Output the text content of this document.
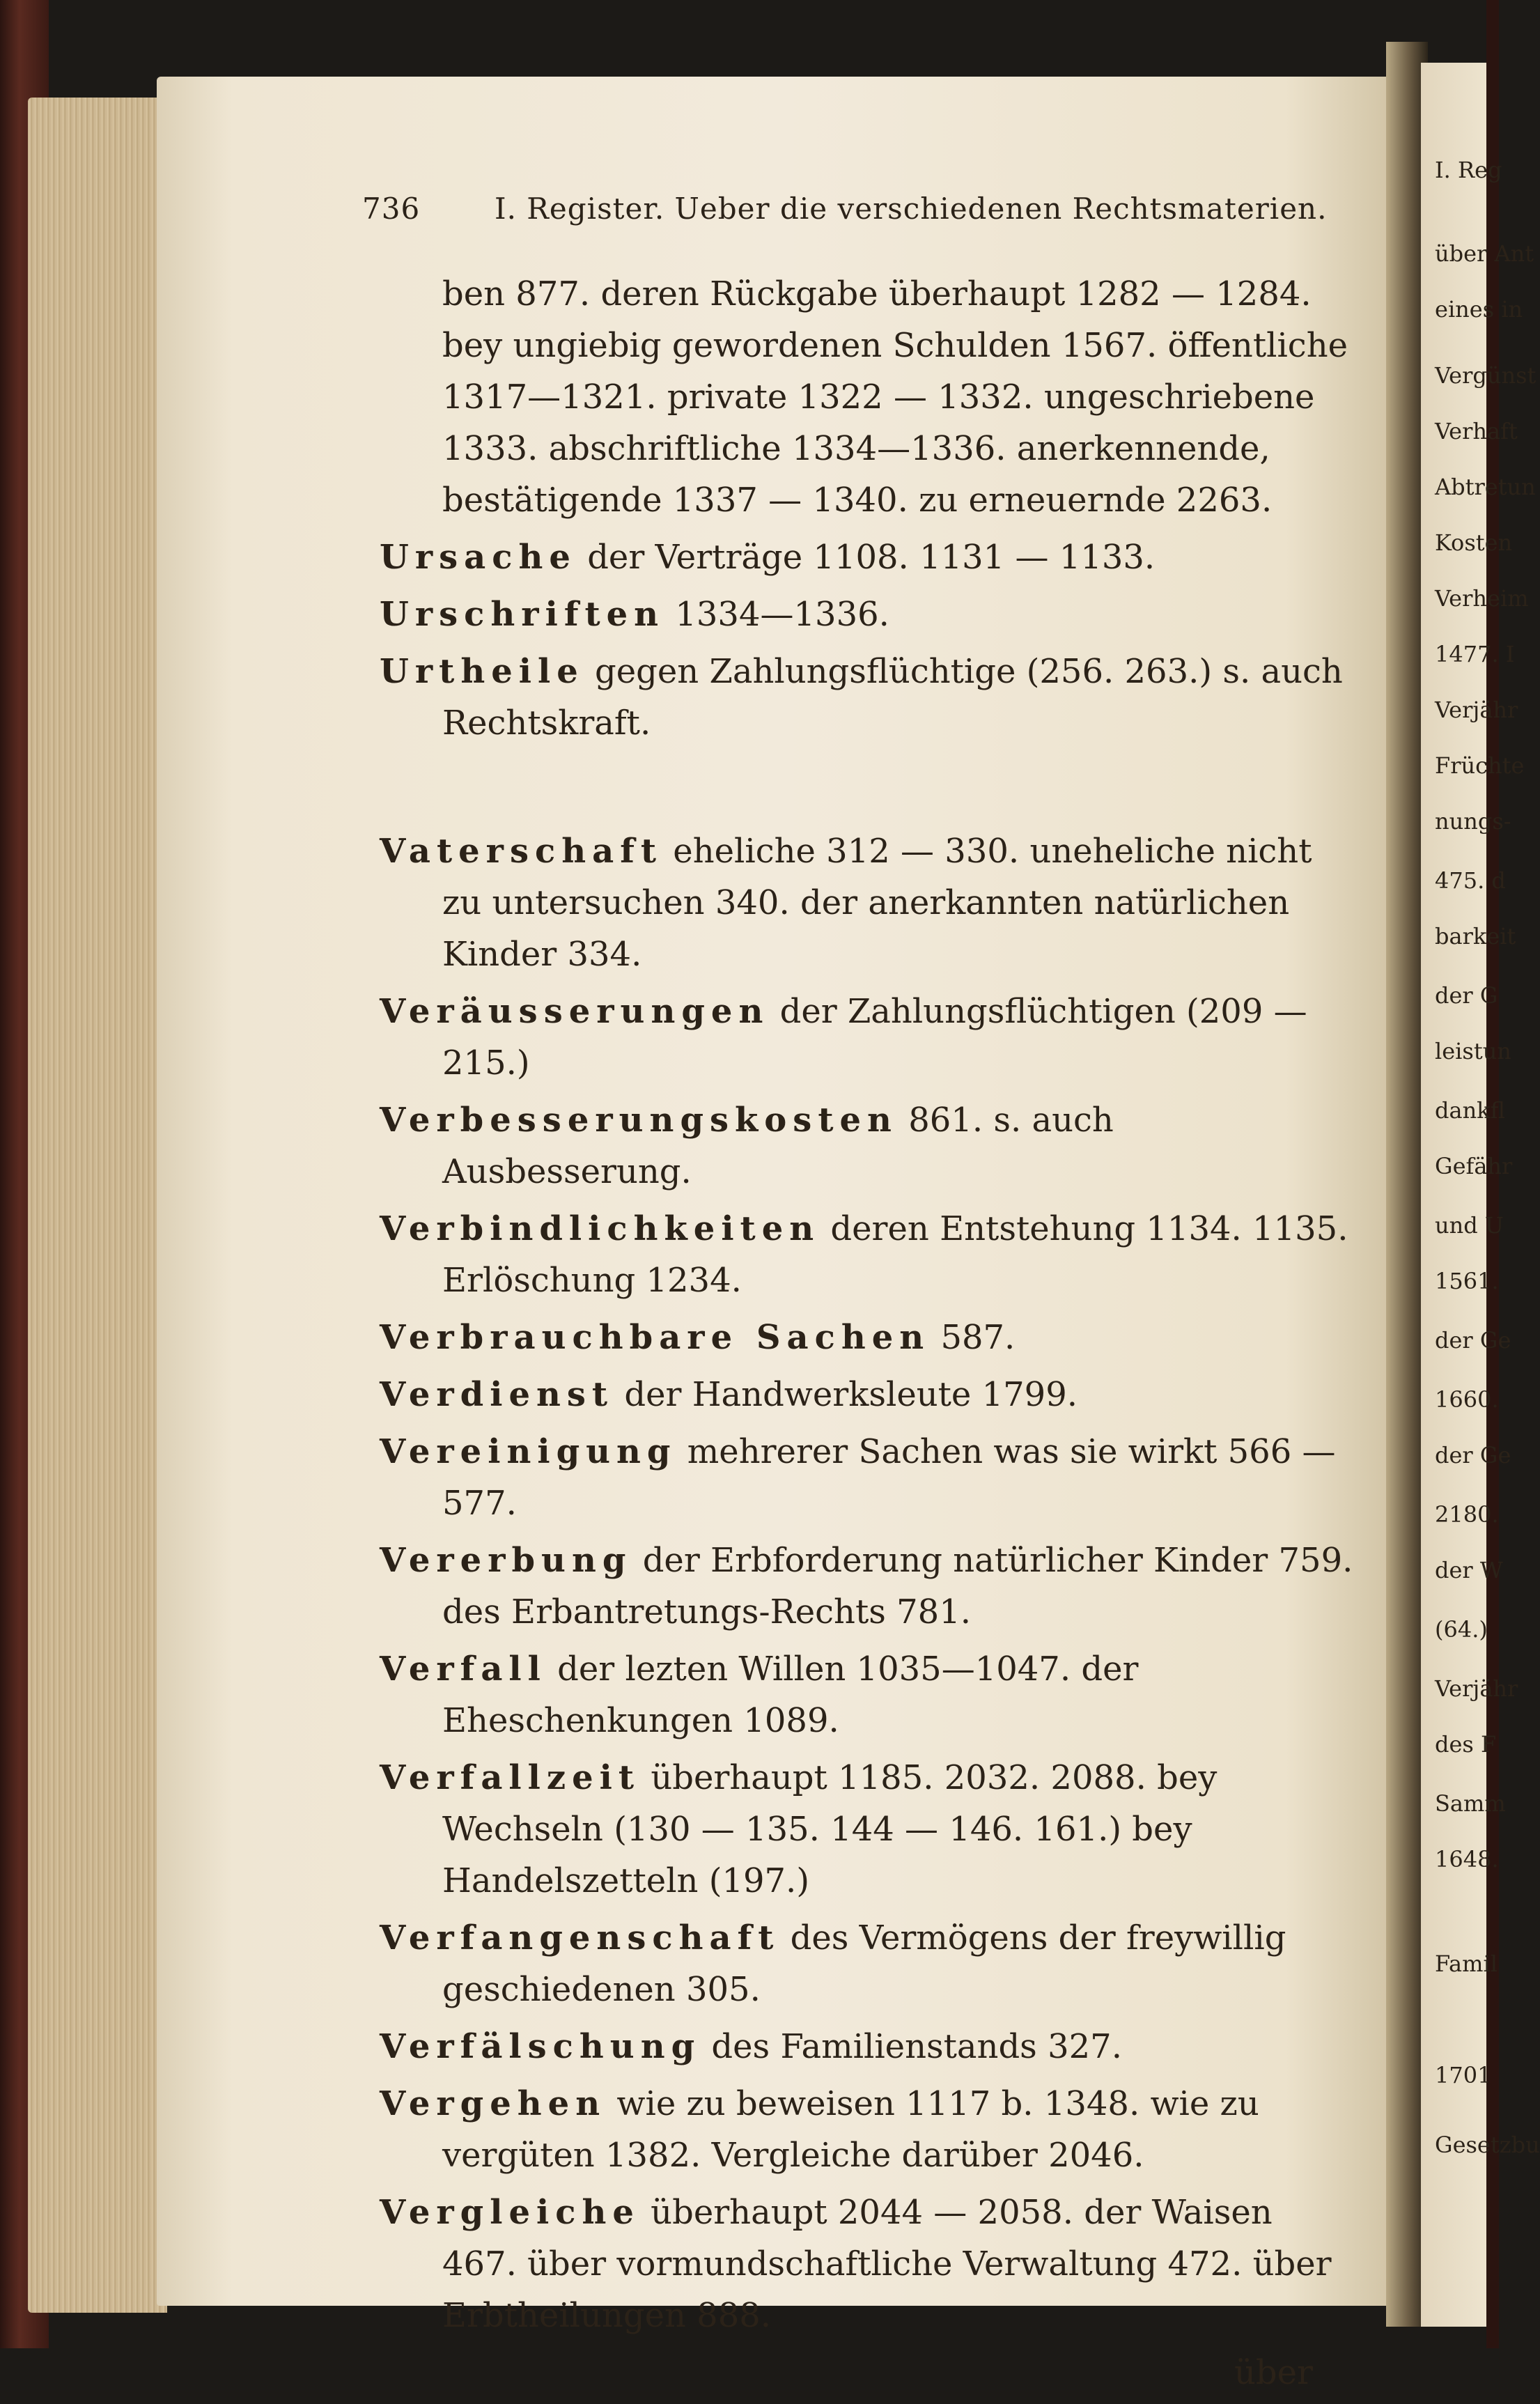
736	I. Register. Ueber die verschiedenen Rechtsmaterien.

ben 877. deren Rückgabe überhaupt 1282 — 1284. bey ungiebig gewordenen Schulden 1567. öffentliche 1317—1321. private 1322 — 1332. ungeschriebene 1333. abschriftliche 1334—1336. anerkennende, bestätigende 1337 — 1340. zu erneuernde 2263.

Ursache der Verträge 1108. 1131 — 1133.

Urschriften 1334—1336.

Urtheile gegen Zahlungsflüchtige (256. 263.) s. auch Rechtskraft.

Vaterschaft eheliche 312 — 330. uneheliche nicht zu untersuchen 340. der anerkannten natürlichen Kinder 334.

Veräusserungen der Zahlungsflüchtigen (209 — 215.)

Verbesserungskosten 861. s. auch Ausbesserung.

Verbindlichkeiten deren Entstehung 1134. 1135. Erlöschung 1234.

Verbrauchbare Sachen 587.

Verdienst der Handwerksleute 1799.

Vereinigung mehrerer Sachen was sie wirkt 566 — 577.

Vererbung der Erbforderung natürlicher Kinder 759. des Erbantretungs-Rechts 781.

Verfall der lezten Willen 1035—1047. der Eheschenkungen 1089.

Verfallzeit überhaupt 1185. 2032. 2088. bey Wechseln (130 — 135. 144 — 146. 161.) bey Handelszetteln (197.)

Verfangenschaft des Vermögens der freywillig geschiedenen 305.

Verfälschung des Familienstands 327.

Vergehen wie zu beweisen 1117 b. 1348. wie zu vergüten 1382. Vergleiche darüber 2046.

Vergleiche überhaupt 2044 — 2058. der Waisen 467. über vormundschaftliche Verwaltung 472. über Erbtheilungen 888.

über

I. Reg
über Ant
eines in
Vergünst
Verhaft
Abtretun
Kosten
Verheim
1477. I
Verjähr
Früchte
nungs-
475. d
barkeit
der G
leistun
dankfl
Gefähr
und U
1561.
der Ge
1660.
der Ge
2180.
der W
(64.)
Verjähr
des F
Samm
1648.
Famil
1701
Gesetzbu
